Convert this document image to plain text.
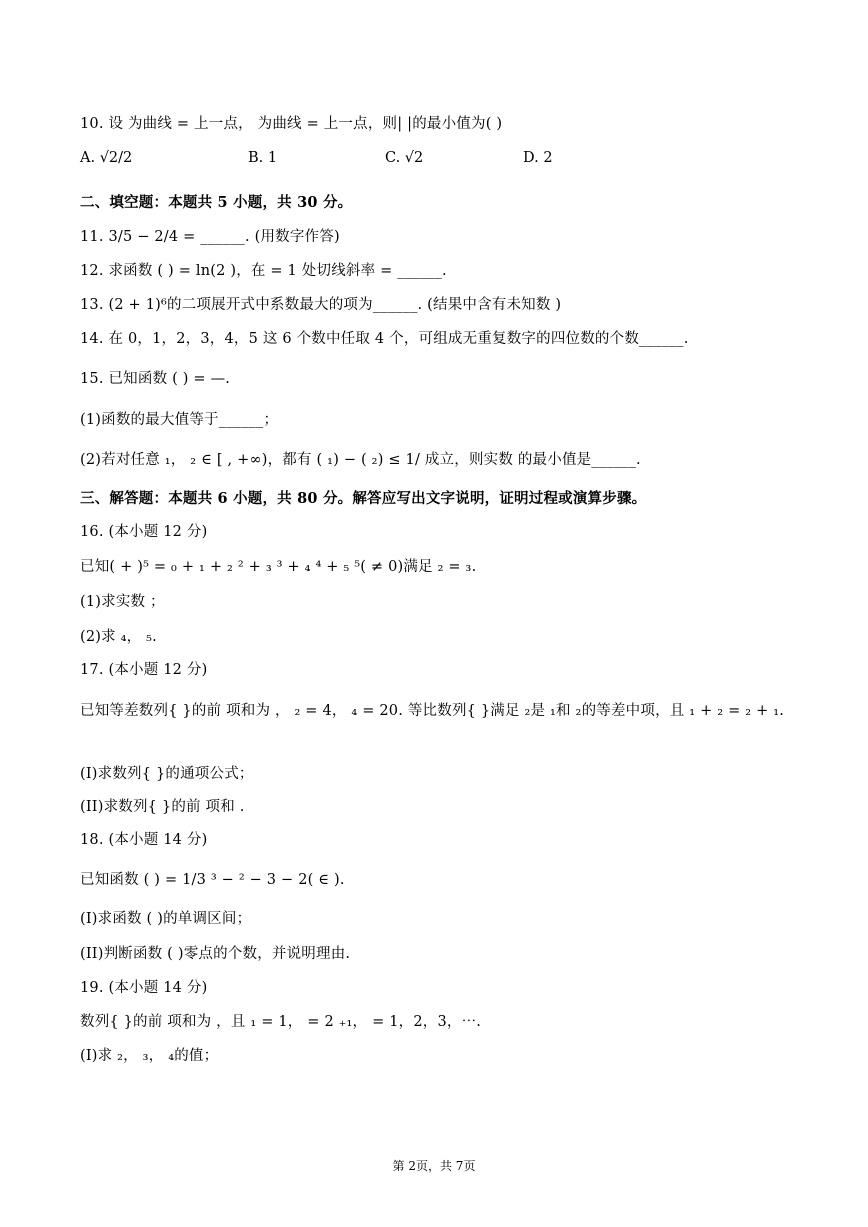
10. 设 为曲线 = 上一点， 为曲线 = 上一点，则| |的最小值为( )
A. √2/2	B. 1	C. √2	D. 2
二、填空题：本题共 5 小题，共 30 分。
11. 3/5 − 2/4 = ______. (用数字作答)
12. 求函数 ( ) = ln(2 )，在 = 1 处切线斜率 = ______.
13. (2 + 1)⁶的二项展开式中系数最大的项为______. (结果中含有未知数 )
14. 在 0，1，2，3，4，5 这 6 个数中任取 4 个，可组成无重复数字的四位数的个数______.
15. 已知函数 ( ) = —.
(1)函数的最大值等于______；
(2)若对任意 ₁， ₂ ∈ [ , +∞)，都有 ( ₁) − ( ₂) ≤ 1/ 成立，则实数 的最小值是______.
三、解答题：本题共 6 小题，共 80 分。解答应写出文字说明，证明过程或演算步骤。
16. (本小题 12 分)
已知( + )⁵ = ₀ + ₁ + ₂ ² + ₃ ³ + ₄ ⁴ + ₅ ⁵( ≠ 0)满足 ₂ = ₃.
(1)求实数 ；
(2)求 ₄， ₅.
17. (本小题 12 分)
已知等差数列{ }的前 项和为 ， ₂ = 4， ₄ = 20. 等比数列{ }满足 ₂是 ₁和 ₂的等差中项，且 ₁ + ₂ = ₂ + ₁.
(I)求数列{ }的通项公式；
(II)求数列{ }的前 项和 .
18. (本小题 14 分)
已知函数 ( ) = 1/3 ³ − ² − 3 − 2( ∈ ).
(I)求函数 ( )的单调区间；
(II)判断函数 ( )零点的个数，并说明理由.
19. (本小题 14 分)
数列{ }的前 项和为 ，且 ₁ = 1， = 2 ₊₁， = 1，2，3，⋯.
(I)求 ₂， ₃， ₄的值；
第 2页，共 7页
